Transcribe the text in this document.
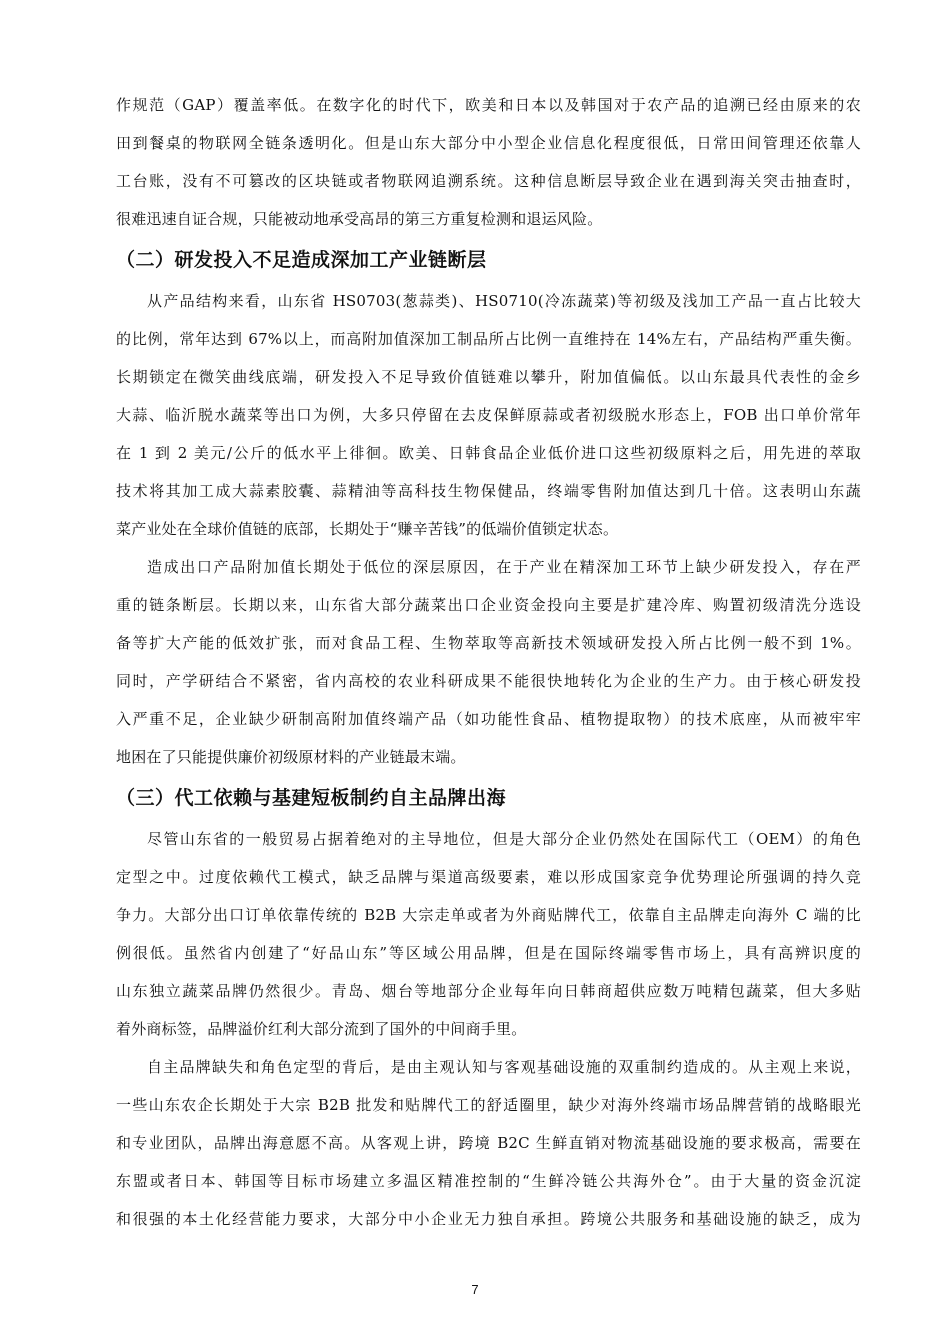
作规范（GAP）覆盖率低。在数字化的时代下，欧美和日本以及韩国对于农产品的追溯已经由原来的农
田到餐桌的物联网全链条透明化。但是山东大部分中小型企业信息化程度很低，日常田间管理还依靠人
工台账，没有不可篡改的区块链或者物联网追溯系统。这种信息断层导致企业在遇到海关突击抽查时，
很难迅速自证合规，只能被动地承受高昂的第三方重复检测和退运风险。
（二）研发投入不足造成深加工产业链断层
从产品结构来看，山东省 HS0703(葱蒜类)、HS0710(冷冻蔬菜)等初级及浅加工产品一直占比较大
的比例，常年达到 67%以上，而高附加值深加工制品所占比例一直维持在 14%左右，产品结构严重失衡。
长期锁定在微笑曲线底端，研发投入不足导致价值链难以攀升，附加值偏低。以山东最具代表性的金乡
大蒜、临沂脱水蔬菜等出口为例，大多只停留在去皮保鲜原蒜或者初级脱水形态上，FOB 出口单价常年
在 1 到 2 美元/公斤的低水平上徘徊。欧美、日韩食品企业低价进口这些初级原料之后，用先进的萃取
技术将其加工成大蒜素胶囊、蒜精油等高科技生物保健品，终端零售附加值达到几十倍。这表明山东蔬
菜产业处在全球价值链的底部，长期处于“赚辛苦钱”的低端价值锁定状态。
造成出口产品附加值长期处于低位的深层原因，在于产业在精深加工环节上缺少研发投入，存在严
重的链条断层。长期以来，山东省大部分蔬菜出口企业资金投向主要是扩建冷库、购置初级清洗分选设
备等扩大产能的低效扩张，而对食品工程、生物萃取等高新技术领域研发投入所占比例一般不到 1%。
同时，产学研结合不紧密，省内高校的农业科研成果不能很快地转化为企业的生产力。由于核心研发投
入严重不足，企业缺少研制高附加值终端产品（如功能性食品、植物提取物）的技术底座，从而被牢牢
地困在了只能提供廉价初级原材料的产业链最末端。
（三）代工依赖与基建短板制约自主品牌出海
尽管山东省的一般贸易占据着绝对的主导地位，但是大部分企业仍然处在国际代工（OEM）的角色
定型之中。过度依赖代工模式，缺乏品牌与渠道高级要素，难以形成国家竞争优势理论所强调的持久竞
争力。大部分出口订单依靠传统的 B2B 大宗走单或者为外商贴牌代工，依靠自主品牌走向海外 C 端的比
例很低。虽然省内创建了“好品山东”等区域公用品牌，但是在国际终端零售市场上，具有高辨识度的
山东独立蔬菜品牌仍然很少。青岛、烟台等地部分企业每年向日韩商超供应数万吨精包蔬菜，但大多贴
着外商标签，品牌溢价红利大部分流到了国外的中间商手里。
自主品牌缺失和角色定型的背后，是由主观认知与客观基础设施的双重制约造成的。从主观上来说，
一些山东农企长期处于大宗 B2B 批发和贴牌代工的舒适圈里，缺少对海外终端市场品牌营销的战略眼光
和专业团队，品牌出海意愿不高。从客观上讲，跨境 B2C 生鲜直销对物流基础设施的要求极高，需要在
东盟或者日本、韩国等目标市场建立多温区精准控制的“生鲜冷链公共海外仓”。由于大量的资金沉淀
和很强的本土化经营能力要求，大部分中小企业无力独自承担。跨境公共服务和基础设施的缺乏，成为
7
